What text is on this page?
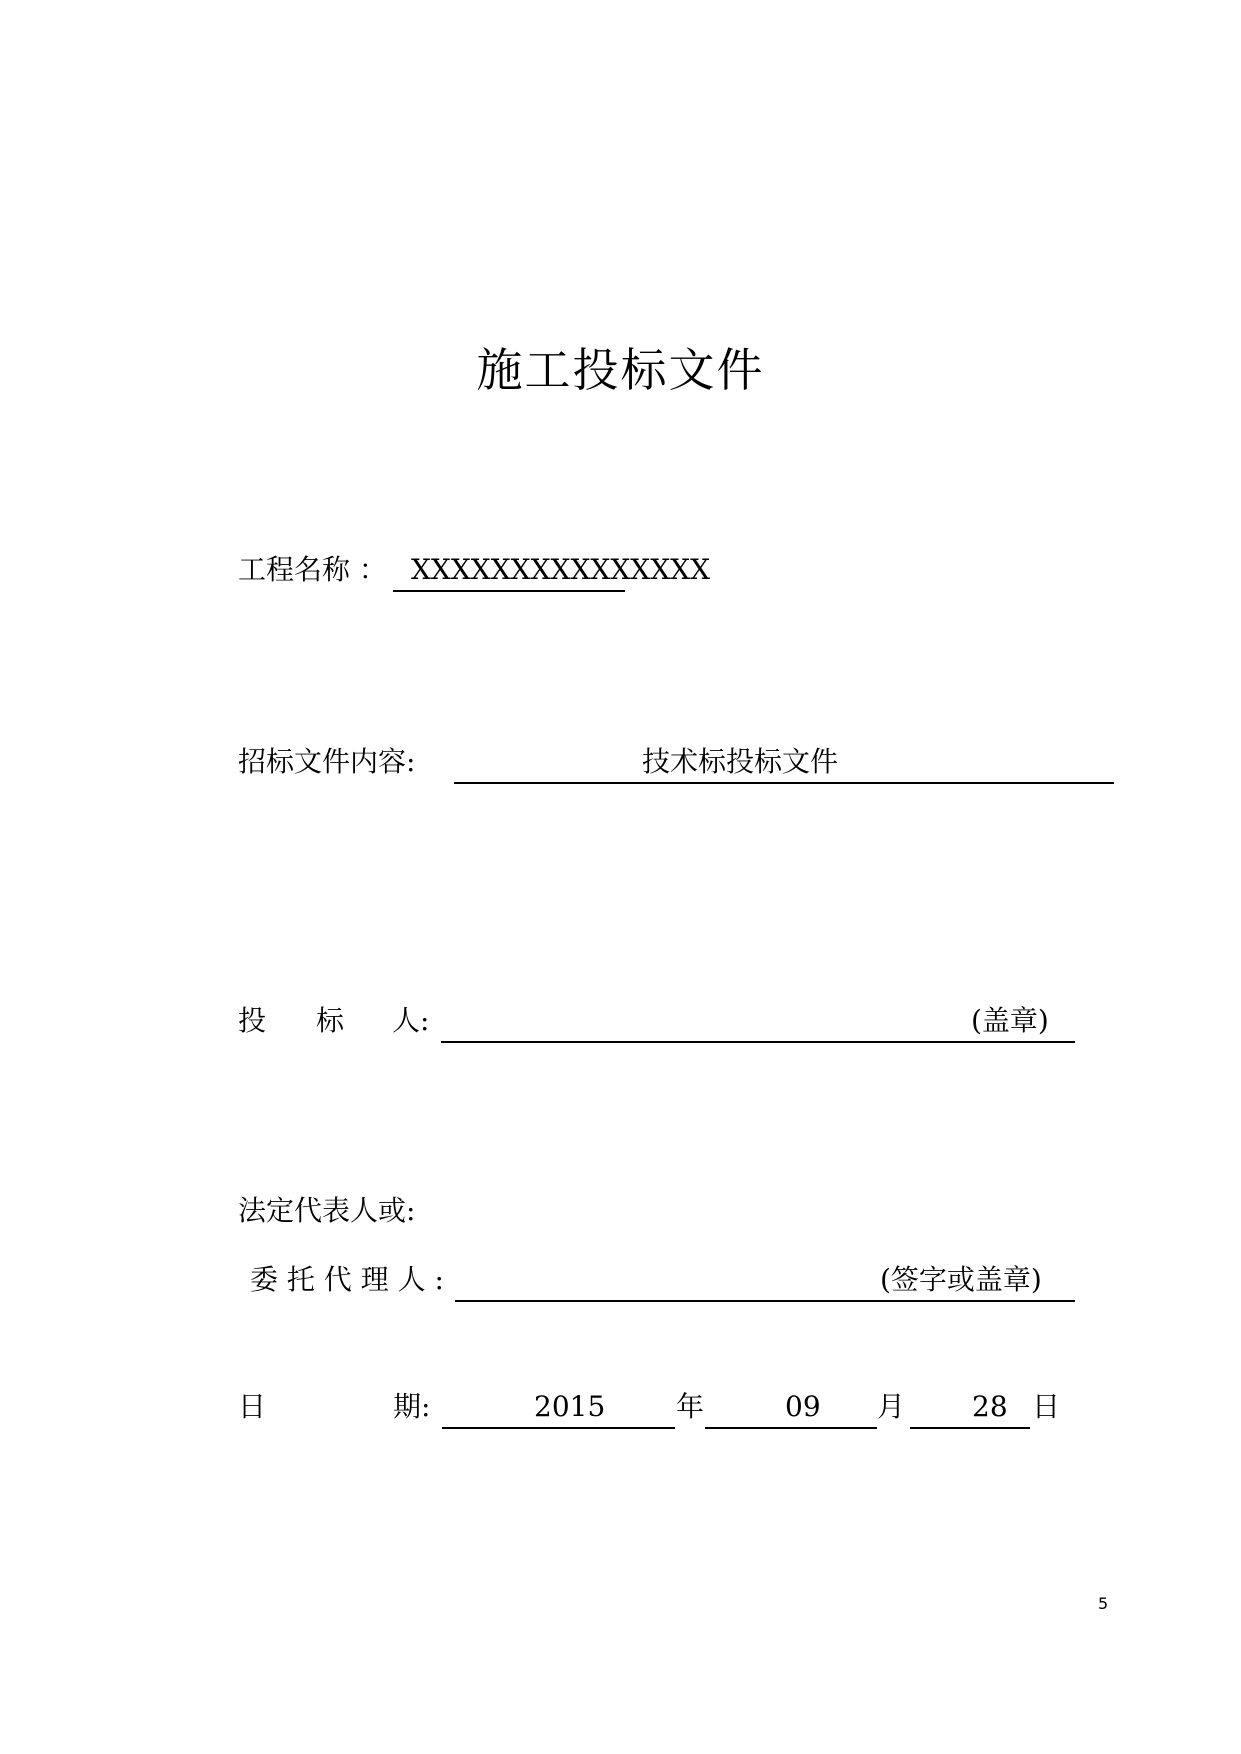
施工投标文件
工程名称 ： XXXXXXXXXXXXXXX
招标文件内容:	技术标投标文件
投 标 人:	(盖章)
法定代表人或:
委 托 代 理 人 :	(签字或盖章)
日	期:	2015	年	09 月 28 日
5
